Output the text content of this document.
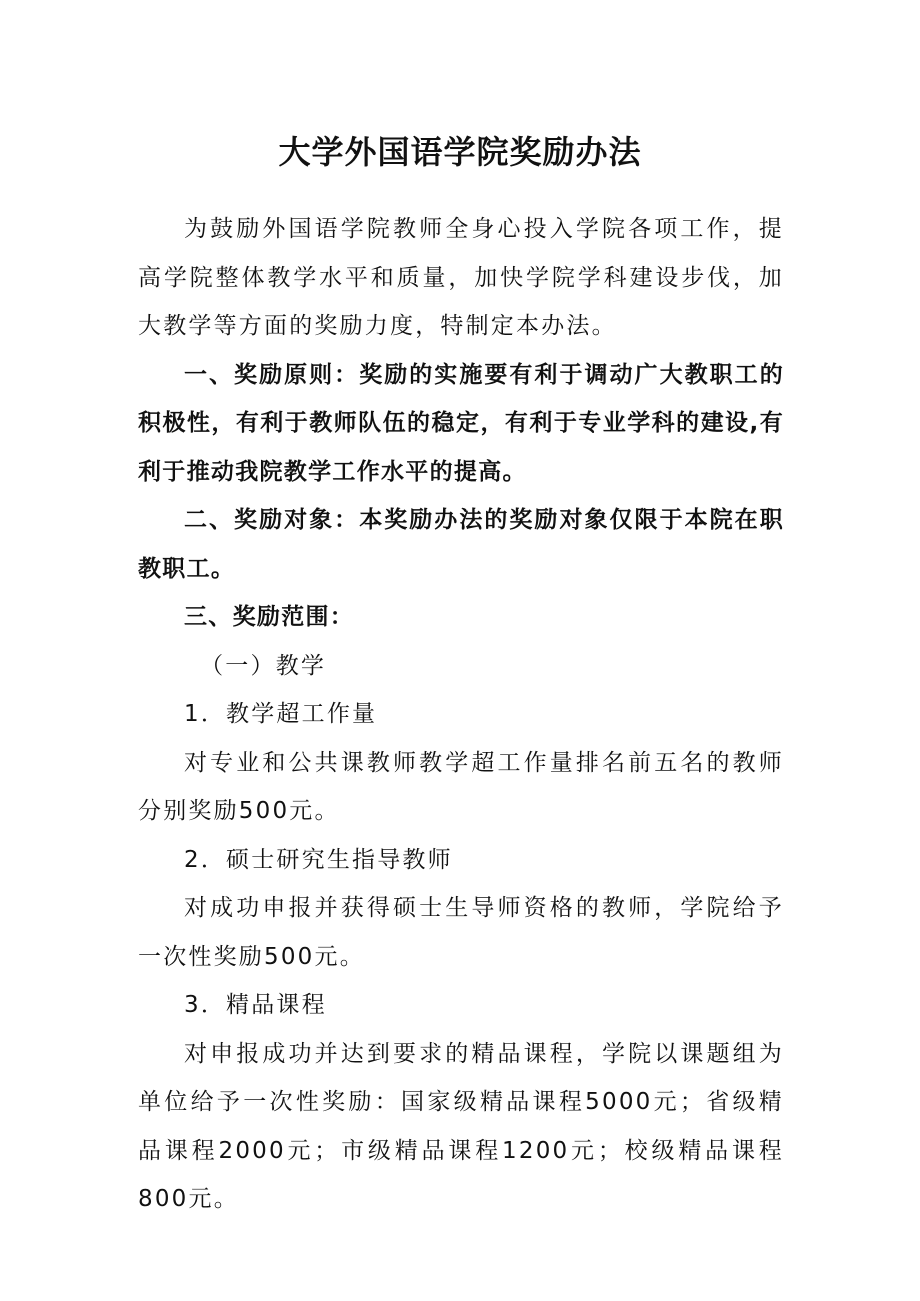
大学外国语学院奖励办法

为鼓励外国语学院教师全身心投入学院各项工作，提高学院整体教学水平和质量，加快学院学科建设步伐，加大教学等方面的奖励力度，特制定本办法。

一、奖励原则：奖励的实施要有利于调动广大教职工的积极性，有利于教师队伍的稳定，有利于专业学科的建设,有利于推动我院教学工作水平的提高。

二、奖励对象：本奖励办法的奖励对象仅限于本院在职教职工。

三、奖励范围：

（一）教学

1．教学超工作量

对专业和公共课教师教学超工作量排名前五名的教师分别奖励500元。

2．硕士研究生指导教师

对成功申报并获得硕士生导师资格的教师，学院给予一次性奖励500元。

3．精品课程

对申报成功并达到要求的精品课程，学院以课题组为单位给予一次性奖励：国家级精品课程5000元；省级精品课程2000元；市级精品课程1200元；校级精品课程800元。
